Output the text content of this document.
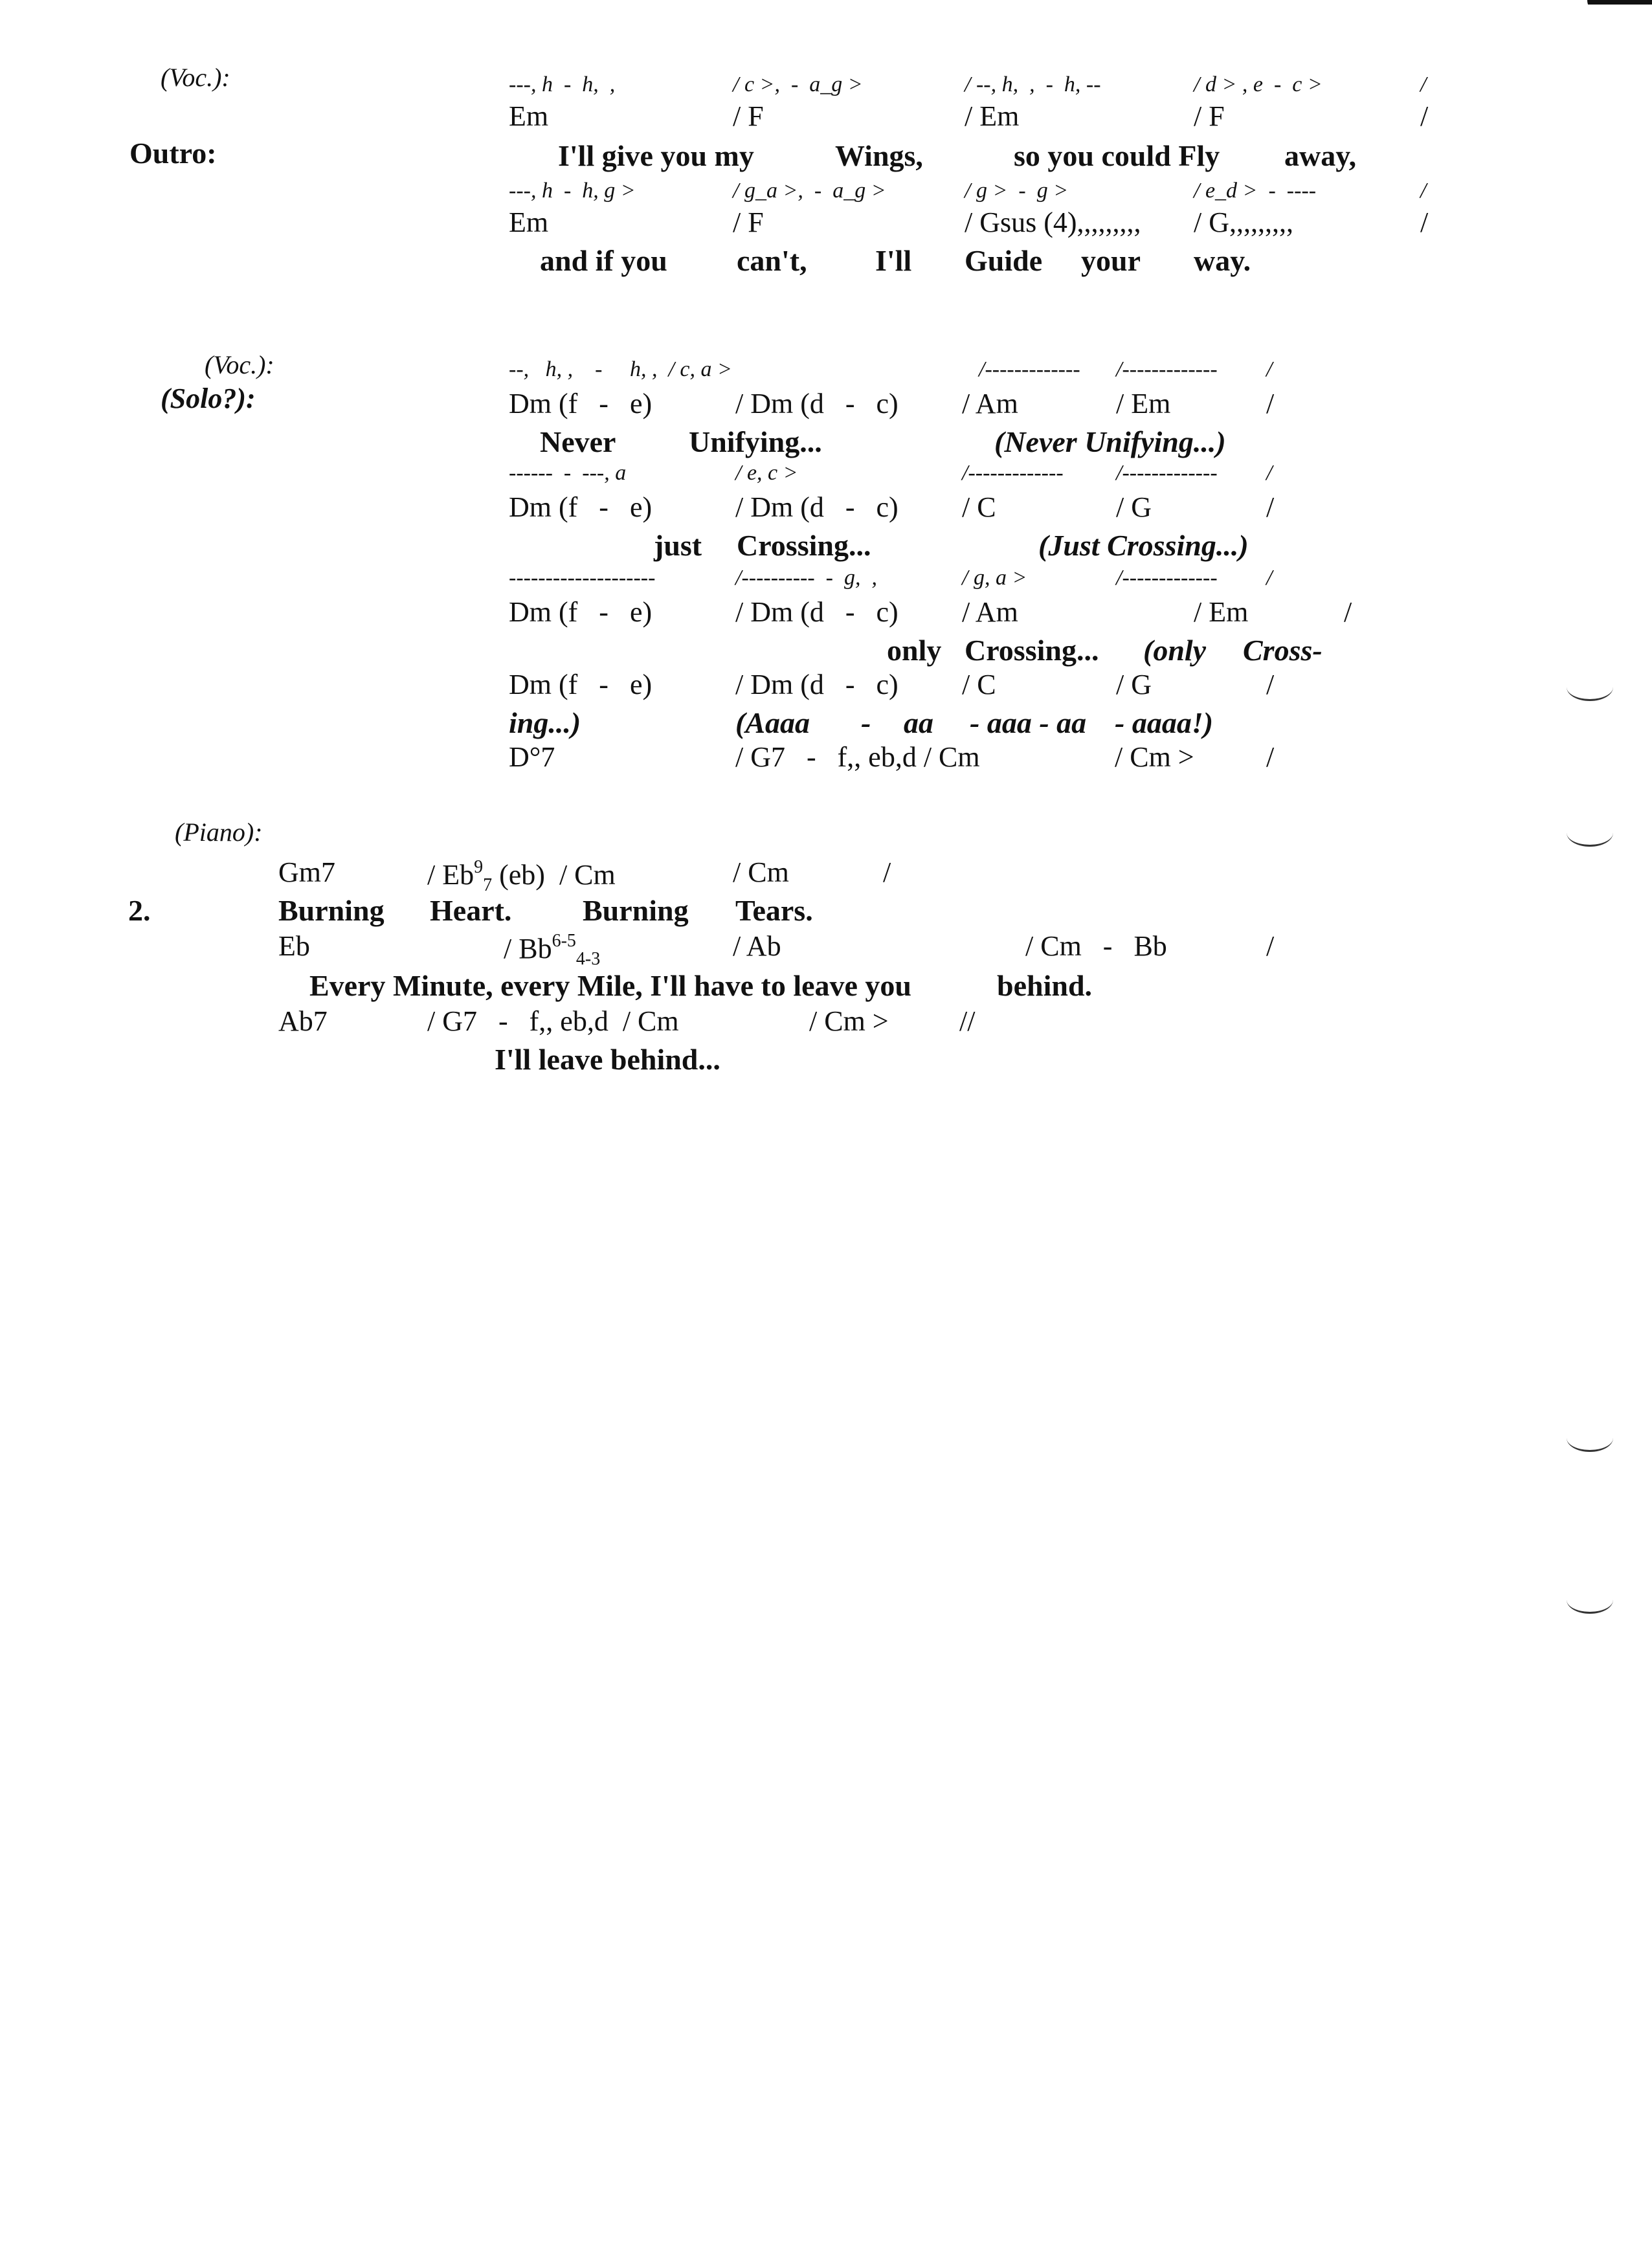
(Voc.):
Outro:
---, h  -  h,  ,	/ c >,  -  a_g >	/ --, h,  ,  -  h, --	/ d > , e  -  c >	/
Em	/ F	/ Em	/ F	/
I'll give you my	Wings,	so you could Fly away,
---, h  -  h, g >	/ g_a >,  -  a_g >	/ g >  -  g >	/ e_d >  -  ----	/
Em	/ F	/ Gsus (4),,,,,,,,, / G,,,,,,,,,	/
and if you can't, I'll Guide your way.
(Voc.):
(Solo?):
--,   h, ,    -     h, ,  / c, a >	/------------- /------------- /
Dm (f   -   e)	/ Dm (d   -   c) / Am	/ Em	/
Never Unifying...	(Never Unifying...)
------  -  ---, a	/ e, c >	/------------- /------------- /
Dm (f   -   e)	/ Dm (d   -   c) / C	/ G	/
just Crossing...	(Just Crossing...)
--------------------	/----------  -  g,  ,	/ g, a >	/------------- /
Dm (f   -   e)	/ Dm (d   -   c) / Am	/ Em	/
only Crossing... (only Cross-
Dm (f   -   e)	/ Dm (d   -   c) / C	/ G	/
ing...)	(Aaaa - aa - aaa - aa - aaaa!)
D°7	/ G7   -   f,, eb,d / Cm	/ Cm >	/
(Piano):
2.
Gm7	/ $Eb^9_7$ (eb)  / Cm	/ Cm	/
Burning Heart. Burning Tears.
Eb	/ $Bb^{6-5}_{4-3}$	/ Ab	/ Cm   -   Bb	/
Every Minute, every Mile, I'll have to leave you	behind.
Ab7	/ G7   -   f,, eb,d  / Cm	/ Cm > //
I'll leave behind...
